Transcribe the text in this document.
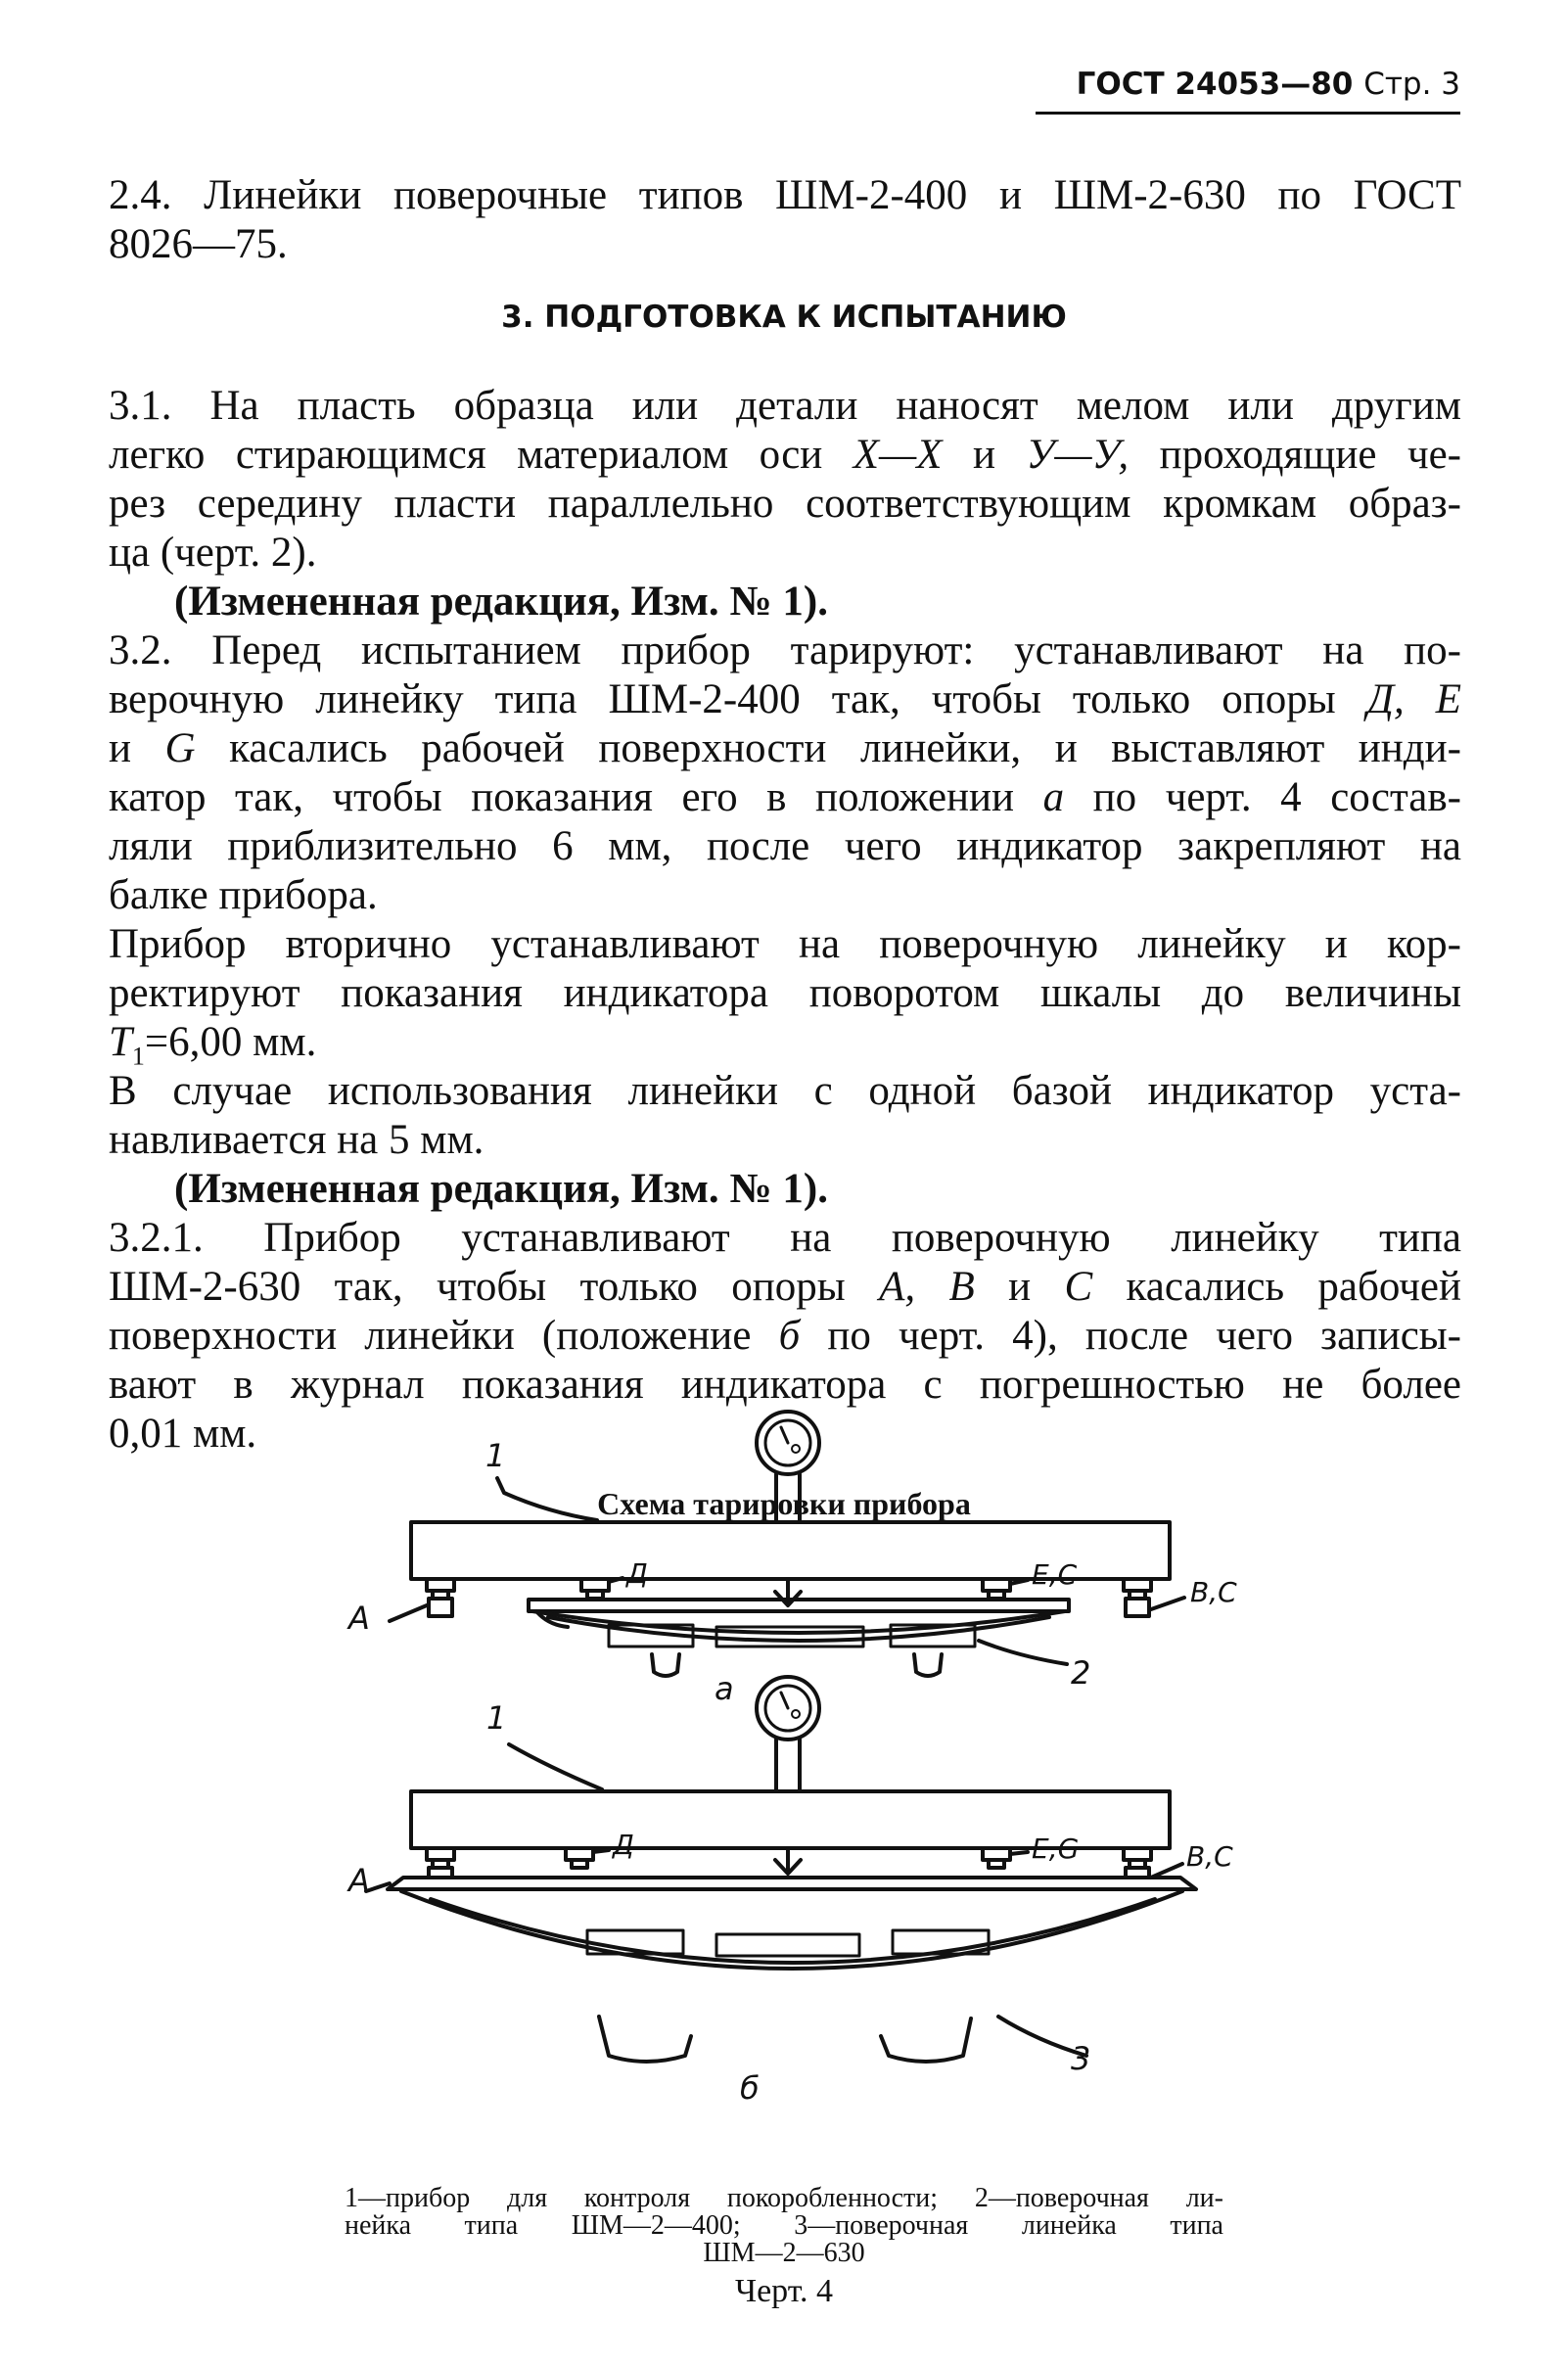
ГОСТ 24053—80 Стр. 3
2.4. Линейки поверочные типов ШМ-2-400 и ШМ-2-630 по ГОСТ
8026—75.
3. ПОДГОТОВКА К ИСПЫТАНИЮ
3.1. На пласть образца или детали наносят мелом или другим
легко стирающимся материалом оси Х—Х и У—У, проходящие че-
рез середину пласти параллельно соответствующим кромкам образ-
ца (черт. 2).
(Измененная редакция, Изм. № 1).
3.2. Перед испытанием прибор тарируют: устанавливают на по-
верочную линейку типа ШМ-2-400 так, чтобы только опоры Д, Е
и G касались рабочей поверхности линейки, и выставляют инди-
катор так, чтобы показания его в положении а по черт. 4 состав-
ляли приблизительно 6 мм, после чего индикатор закрепляют на
балке прибора.
Прибор вторично устанавливают на поверочную линейку и кор-
ректируют показания индикатора поворотом шкалы до величины
$T_1=6,00$ мм.
В случае использования линейки с одной базой индикатор уста-
навливается на 5 мм.
(Измененная редакция, Изм. № 1).
3.2.1. Прибор устанавливают на поверочную линейку типа
ШМ-2-630 так, чтобы только опоры А, В и С касались рабочей
поверхности линейки (положение б по черт. 4), после чего записы-
вают в журнал показания индикатора с погрешностью не более
0,01 мм.
Схема тарировки прибора
1
A
Д	E,C
B,C
2
a
1
A
Д	E,G	B,C
3
б
1—прибор для контроля покоробленности; 2—поверочная ли-
нейка типа ШМ—2—400; 3—поверочная линейка типа
ШМ—2—630
Черт. 4
